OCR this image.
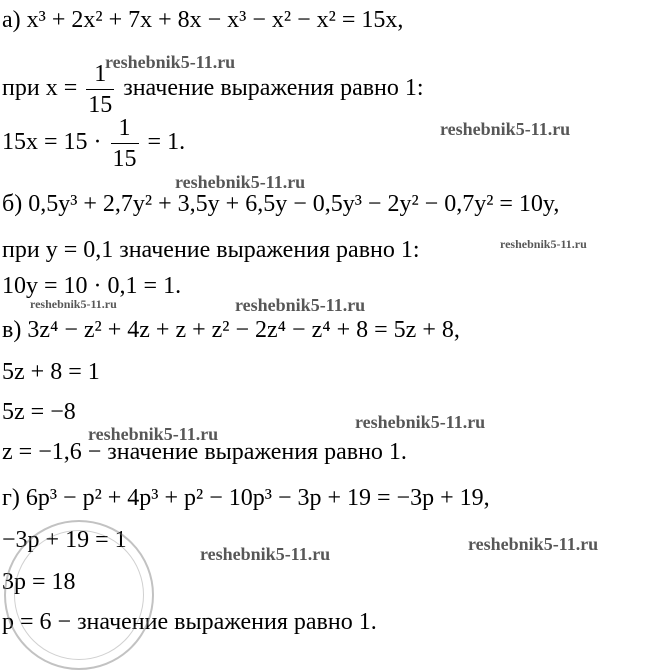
а) x³ + 2x² + 7x + 8x − x³ − x² − x² = 15x,
при $x = \frac{1}{15}$ значение выражения равно 1:
$15x = 15 \cdot \frac{1}{15} = 1$.
б) 0,5y³ + 2,7y² + 3,5y + 6,5y − 0,5y³ − 2y² − 0,7y² = 10y,
при y = 0,1 значение выражения равно 1:
10y = 10 · 0,1 = 1.
в) 3z⁴ − z² + 4z + z + z² − 2z⁴ − z⁴ + 8 = 5z + 8,
5z + 8 = 1
5z = −8
z = −1,6 − значение выражения равно 1.
г) 6p³ − p² + 4p³ + p² − 10p³ − 3p + 19 = −3p + 19,
−3p + 19 = 1
3p = 18
p = 6 − значение выражения равно 1.
reshebnik5-11.ru
reshebnik5-11.ru
reshebnik5-11.ru
reshebnik5-11.ru
reshebnik5-11.ru	reshebnik5-11.ru
reshebnik5-11.ru
reshebnik5-11.ru
reshebnik5-11.ru
reshebnik5-11.ru
